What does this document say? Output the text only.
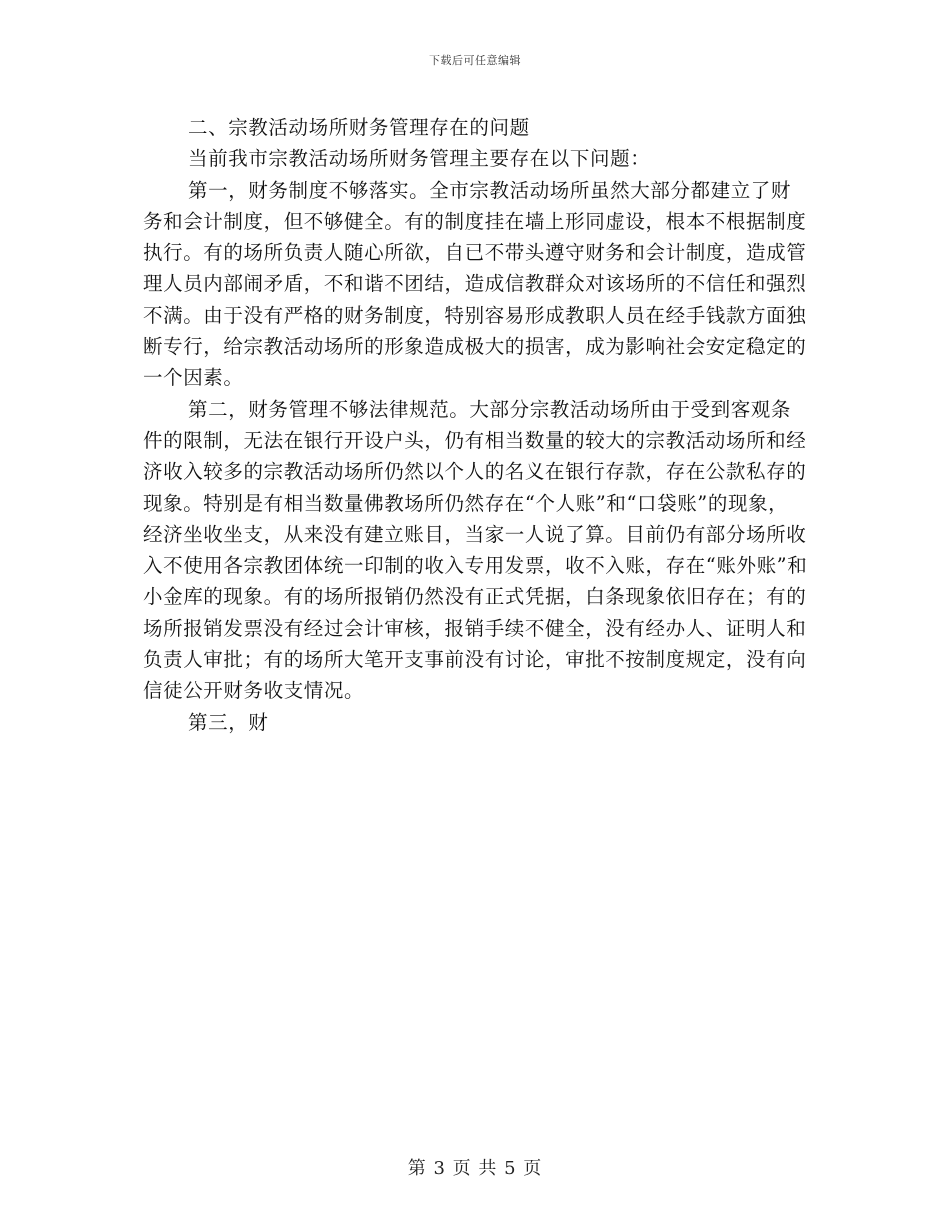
下载后可任意编辑

二、宗教活动场所财务管理存在的问题

当前我市宗教活动场所财务管理主要存在以下问题：

第一，财务制度不够落实。全市宗教活动场所虽然大部分都建立了财务和会计制度，但不够健全。有的制度挂在墙上形同虚设，根本不根据制度执行。有的场所负责人随心所欲，自已不带头遵守财务和会计制度，造成管理人员内部闹矛盾，不和谐不团结，造成信教群众对该场所的不信任和强烈不满。由于没有严格的财务制度，特别容易形成教职人员在经手钱款方面独断专行，给宗教活动场所的形象造成极大的损害，成为影响社会安定稳定的一个因素。

第二，财务管理不够法律规范。大部分宗教活动场所由于受到客观条件的限制，无法在银行开设户头，仍有相当数量的较大的宗教活动场所和经济收入较多的宗教活动场所仍然以个人的名义在银行存款，存在公款私存的现象。特别是有相当数量佛教场所仍然存在“个人账”和“口袋账”的现象，经济坐收坐支，从来没有建立账目，当家一人说了算。目前仍有部分场所收入不使用各宗教团体统一印制的收入专用发票，收不入账，存在“账外账”和小金库的现象。有的场所报销仍然没有正式凭据，白条现象依旧存在；有的场所报销发票没有经过会计审核，报销手续不健全，没有经办人、证明人和负责人审批；有的场所大笔开支事前没有讨论，审批不按制度规定，没有向信徒公开财务收支情况。

第三，财

第 3 页 共 5 页
